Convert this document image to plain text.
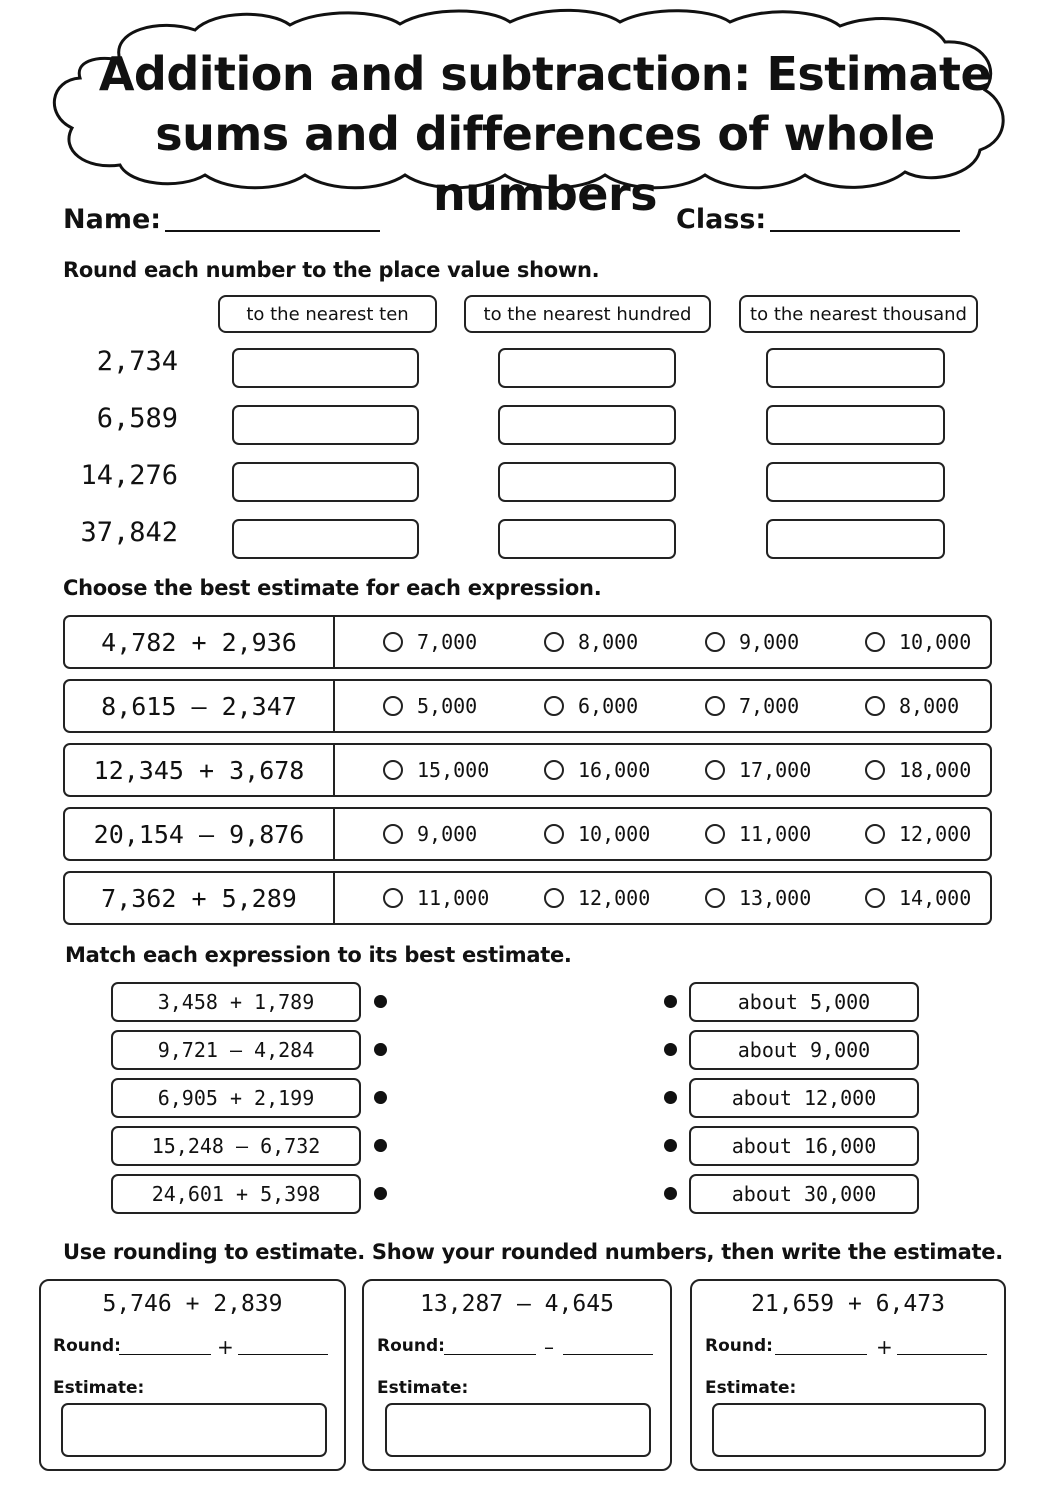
Addition and subtraction: Estimate
sums and differences of whole numbers
Name:	Class:
Round each number to the place value shown.
to the nearest ten	to the nearest hundred	to the nearest thousand
2,734
6,589
14,276
37,842
Choose the best estimate for each expression.
4,782 + 2,936	7,000	8,000	9,000	10,000
8,615 – 2,347	5,000	6,000	7,000	8,000
12,345 + 3,678	15,000	16,000	17,000	18,000
20,154 – 9,876	9,000	10,000	11,000	12,000
7,362 + 5,289	11,000	12,000	13,000	14,000
Match each expression to its best estimate.
3,458 + 1,789
9,721 – 4,284
6,905 + 2,199
15,248 – 6,732
24,601 + 5,398
about 5,000
about 9,000
about 12,000
about 16,000
about 30,000
Use rounding to estimate. Show your rounded numbers, then write the estimate.
5,746 + 2,839
Round:	+
Estimate:
13,287 – 4,645
Round:	–
Estimate:
21,659 + 6,473
Round:	+
Estimate:
